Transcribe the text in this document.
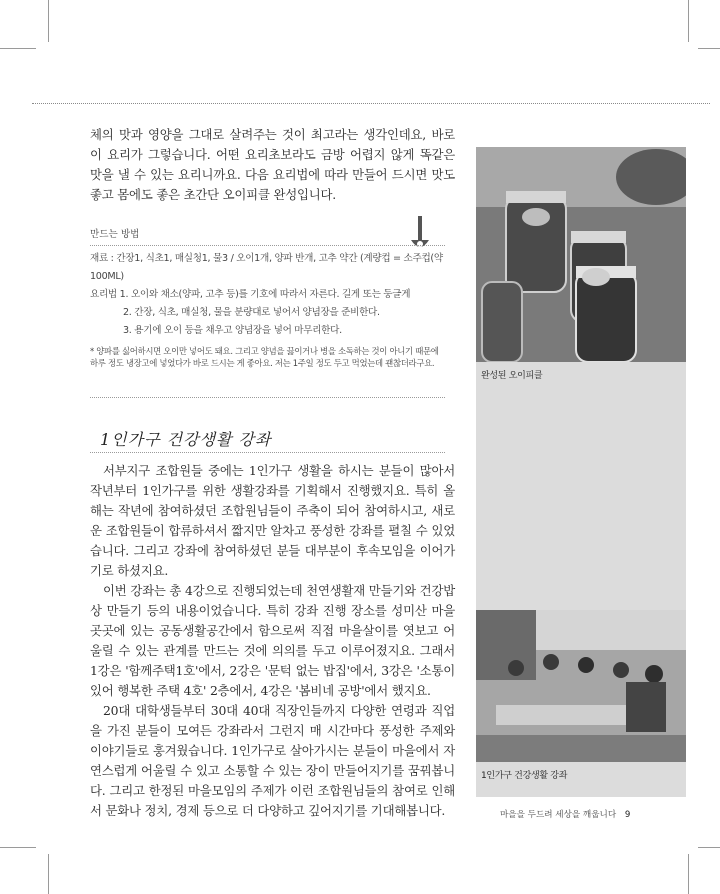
체의 맛과 영양을 그대로 살려주는 것이 최고라는 생각인데요, 바로 이 요리가 그렇습니다. 어떤 요리초보라도 금방 어렵지 않게 똑같은 맛을 낼 수 있는 요리니까요. 다음 요리법에 따라 만들어 드시면 맛도 좋고 몸에도 좋은 초간단 오이피클 완성입니다.

만드는 방법

재료 : 간장1, 식초1, 매실청1, 물3 / 오이1개, 양파 반개, 고추 약간 (계량컵 = 소주컵(약100ML)

요리법 1. 오이와 채소(양파, 고추 등)를 기호에 따라서 자른다. 길게 또는 둥글게

2. 간장, 식초, 매실청, 물을 분량대로 넣어서 양념장을 준비한다.

3. 용기에 오이 등을 채우고 양념장을 넣어 마무리한다.

* 양파를 싫어하시면 오이만 넣어도 돼요. 그리고 양념을 끓이거나 병을 소독하는 것이 아니기 때문에 하루 정도 냉장고에 넣었다가 바로 드시는 게 좋아요. 저는 1주일 정도 두고 먹었는데 괜찮더라구요.

완성된 오이피클
1인가구 건강생활 강좌
1인가구 건강생활 강좌

서부지구 조합원들 중에는 1인가구 생활을 하시는 분들이 많아서 작년부터 1인가구를 위한 생활강좌를 기획해서 진행했지요. 특히 올해는 작년에 참여하셨던 조합원님들이 주축이 되어 참여하시고, 새로운 조합원들이 합류하셔서 짧지만 알차고 풍성한 강좌를 펼칠 수 있었습니다. 그리고 강좌에 참여하셨던 분들 대부분이 후속모임을 이어가기로 하셨지요.

이번 강좌는 총 4강으로 진행되었는데 천연생활재 만들기와 건강밥상 만들기 등의 내용이었습니다. 특히 강좌 진행 장소를 성미산 마을 곳곳에 있는 공동생활공간에서 함으로써 직접 마을살이를 엿보고 어울릴 수 있는 관계를 만드는 것에 의의를 두고 이루어졌지요. 그래서 1강은 '함께주택1호'에서, 2강은 '문턱 없는 밥집'에서, 3강은 '소통이 있어 행복한 주택 4호' 2층에서, 4강은 '봄비네 공방'에서 했지요.

20대 대학생들부터 30대 40대 직장인들까지 다양한 연령과 직업을 가진 분들이 모여든 강좌라서 그런지 매 시간마다 풍성한 주제와 이야기들로 훙겨웠습니다. 1인가구로 살아가시는 분들이 마을에서 자연스럽게 어울릴 수 있고 소통할 수 있는 장이 만들어지기를 꿈꿔봅니다. 그리고 한정된 마을모임의 주제가 이런 조합원님들의 참여로 인해서 문화나 정치, 경제 등으로 더 다양하고 깊어지기를 기대해봅니다.	마을을 두드려 세상을 깨웁니다 9
